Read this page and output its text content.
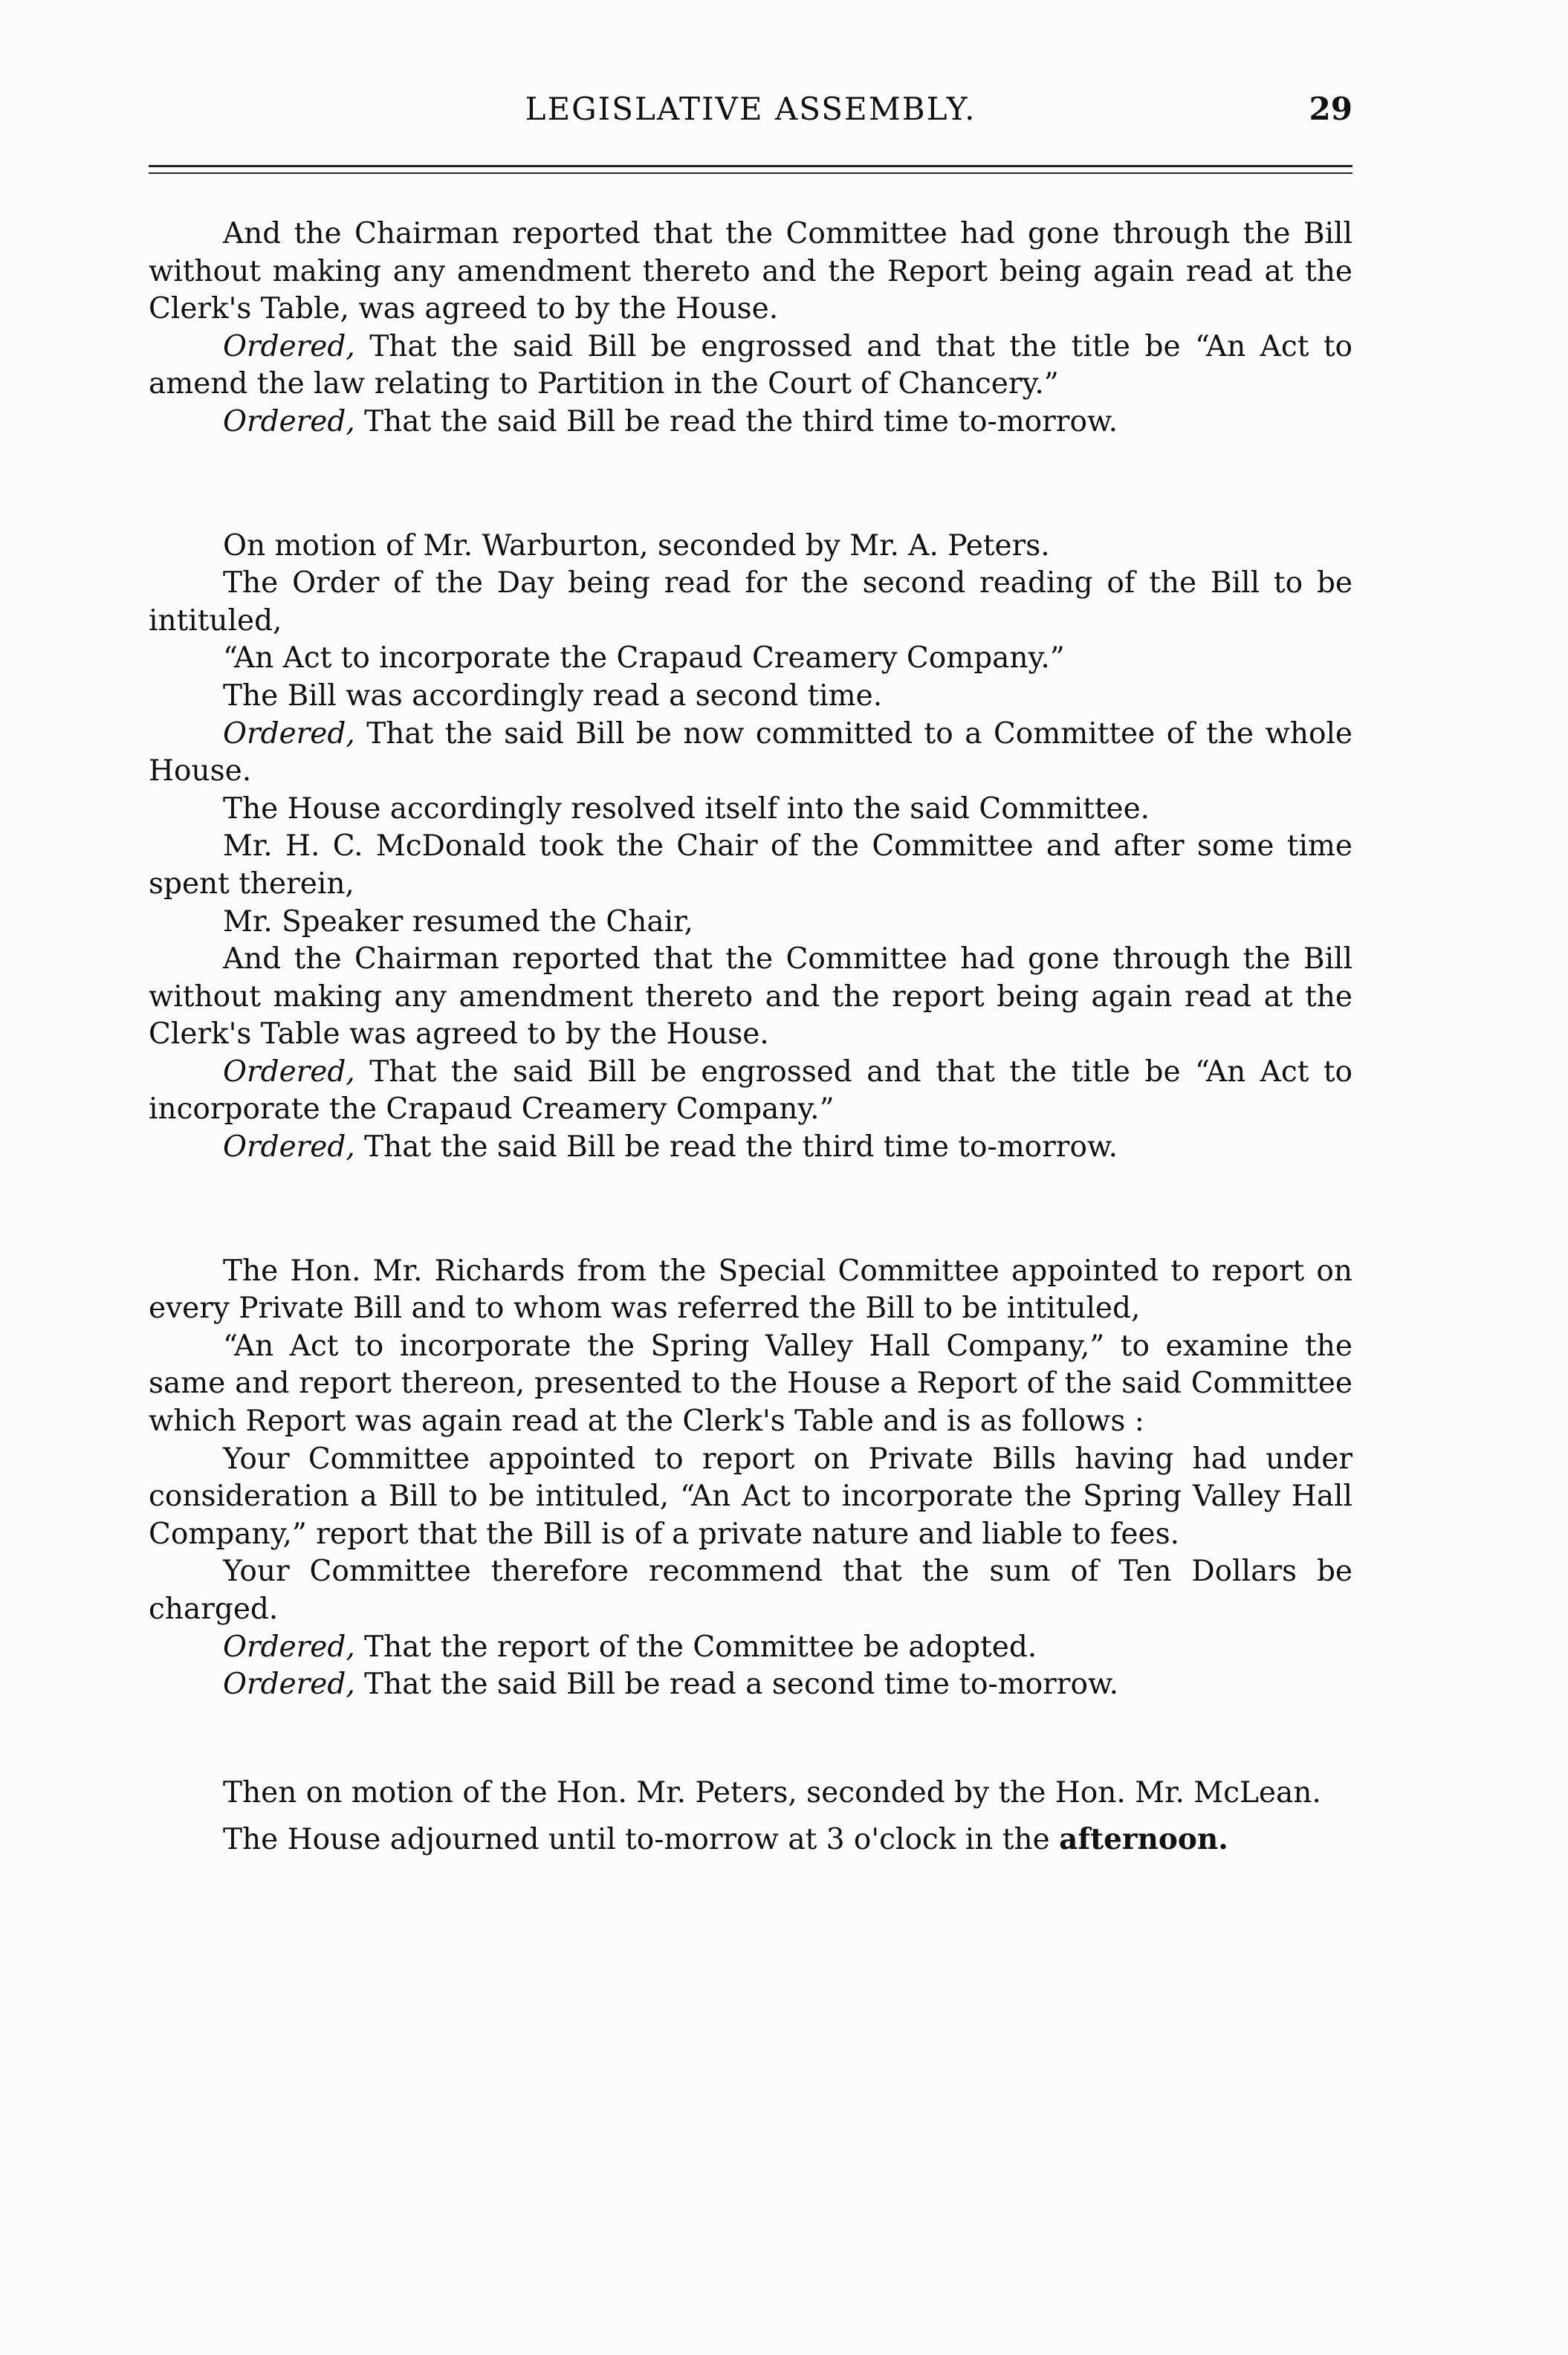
LEGISLATIVE ASSEMBLY.	29

And the Chairman reported that the Committee had gone through the Bill without making any amendment thereto and the Report being again read at the Clerk's Table, was agreed to by the House.

Ordered, That the said Bill be engrossed and that the title be “An Act to amend the law relating to Partition in the Court of Chancery.”

Ordered, That the said Bill be read the third time to-morrow.

On motion of Mr. Warburton, seconded by Mr. A. Peters.

The Order of the Day being read for the second reading of the Bill to be intituled,

“An Act to incorporate the Crapaud Creamery Company.”

The Bill was accordingly read a second time.

Ordered, That the said Bill be now committed to a Committee of the whole House.

The House accordingly resolved itself into the said Committee.

Mr. H. C. McDonald took the Chair of the Committee and after some time spent therein,

Mr. Speaker resumed the Chair,

And the Chairman reported that the Committee had gone through the Bill without making any amendment thereto and the report being again read at the Clerk's Table was agreed to by the House.

Ordered, That the said Bill be engrossed and that the title be “An Act to incorporate the Crapaud Creamery Company.”

Ordered, That the said Bill be read the third time to-morrow.

The Hon. Mr. Richards from the Special Committee appointed to report on every Private Bill and to whom was referred the Bill to be intituled,

“An Act to incorporate the Spring Valley Hall Company,” to examine the same and report thereon, presented to the House a Report of the said Committee which Report was again read at the Clerk's Table and is as follows :

Your Committee appointed to report on Private Bills having had under consideration a Bill to be intituled, “An Act to incorporate the Spring Valley Hall Company,” report that the Bill is of a private nature and liable to fees.

Your Committee therefore recommend that the sum of Ten Dollars be charged.

Ordered, That the report of the Committee be adopted.

Ordered, That the said Bill be read a second time to-morrow.

Then on motion of the Hon. Mr. Peters, seconded by the Hon. Mr. McLean.

The House adjourned until to-morrow at 3 o'clock in the afternoon.
